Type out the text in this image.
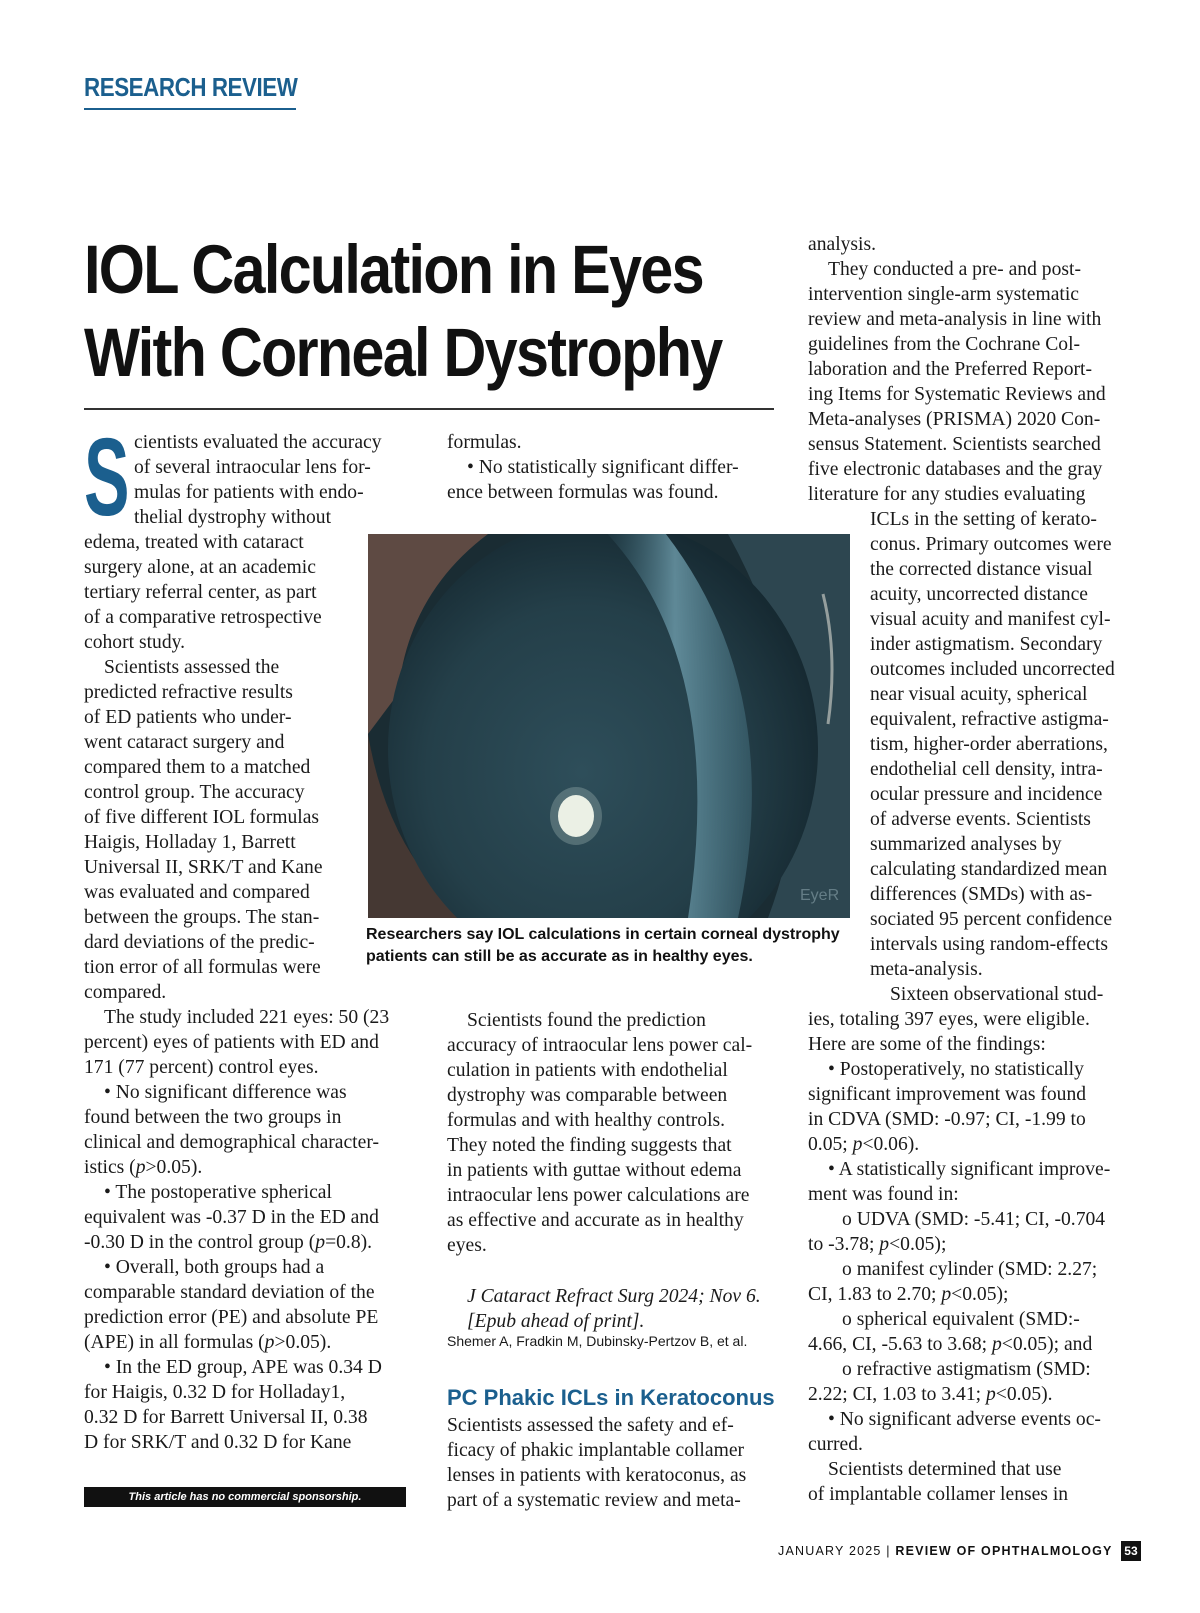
RESEARCH REVIEW
IOL Calculation in Eyes
With Corneal Dystrophy
S cientists evaluated the accuracy

of several intraocular lens for-

mulas for patients with endo-

thelial dystrophy without

edema, treated with cataract

surgery alone, at an academic

tertiary referral center, as part

of a comparative retrospective

cohort study.

Scientists assessed the

predicted refractive results

of ED patients who under-

went cataract surgery and

compared them to a matched

control group. The accuracy

of five different IOL formulas

Haigis, Holladay 1, Barrett

Universal II, SRK/T and Kane

was evaluated and compared

between the groups. The stan-

dard deviations of the predic-

tion error of all formulas were

compared.

The study included 221 eyes: 50 (23

percent) eyes of patients with ED and

171 (77 percent) control eyes.

• No significant difference was

found between the two groups in

clinical and demographical character-

istics (p>0.05).

• The postoperative spherical

equivalent was -0.37 D in the ED and

-0.30 D in the control group (p=0.8).

• Overall, both groups had a

comparable standard deviation of the

prediction error (PE) and absolute PE

(APE) in all formulas (p>0.05).

• In the ED group, APE was 0.34 D

for Haigis, 0.32 D for Holladay1,

0.32 D for Barrett Universal II, 0.38

D for SRK/T and 0.32 D for Kane

This article has no commercial sponsorship.

formulas.

• No statistically significant differ-

ence between formulas was found.

EyeR
Researchers say IOL calculations in certain corneal dystrophy patients can still be as accurate as in healthy eyes.

Scientists found the prediction

accuracy of intraocular lens power cal-

culation in patients with endothelial

dystrophy was comparable between

formulas and with healthy controls.

They noted the finding suggests that

in patients with guttae without edema

intraocular lens power calculations are

as effective and accurate as in healthy

eyes.

J Cataract Refract Surg 2024; Nov 6.
[Epub ahead of print].
Shemer A, Fradkin M, Dubinsky-Pertzov B, et al.
PC Phakic ICLs in Keratoconus

Scientists assessed the safety and ef-

ficacy of phakic implantable collamer

lenses in patients with keratoconus, as

part of a systematic review and meta-

analysis.

They conducted a pre- and post-

intervention single-arm systematic

review and meta-analysis in line with

guidelines from the Cochrane Col-

laboration and the Preferred Report-

ing Items for Systematic Reviews and

Meta-analyses (PRISMA) 2020 Con-

sensus Statement. Scientists searched

five electronic databases and the gray

literature for any studies evaluating

ICLs in the setting of kerato-

conus. Primary outcomes were

the corrected distance visual

acuity, uncorrected distance

visual acuity and manifest cyl-

inder astigmatism. Secondary

outcomes included uncorrected

near visual acuity, spherical

equivalent, refractive astigma-

tism, higher-order aberrations,

endothelial cell density, intra-

ocular pressure and incidence

of adverse events. Scientists

summarized analyses by

calculating standardized mean

differences (SMDs) with as-

sociated 95 percent confidence

intervals using random-effects

meta-analysis.

Sixteen observational stud-

ies, totaling 397 eyes, were eligible.

Here are some of the findings:

• Postoperatively, no statistically

significant improvement was found

in CDVA (SMD: -0.97; CI, -1.99 to

0.05; p<0.06).

• A statistically significant improve-

ment was found in:

o UDVA (SMD: -5.41; CI, -0.704

to -3.78; p<0.05);

o manifest cylinder (SMD: 2.27;

CI, 1.83 to 2.70; p<0.05);

o spherical equivalent (SMD:-

4.66, CI, -5.63 to 3.68; p<0.05); and

o refractive astigmatism (SMD:

2.22; CI, 1.03 to 3.41; p<0.05).

• No significant adverse events oc-

curred.

Scientists determined that use

of implantable collamer lenses in

JANUARY 2025 | REVIEW OF OPHTHALMOLOGY 53
